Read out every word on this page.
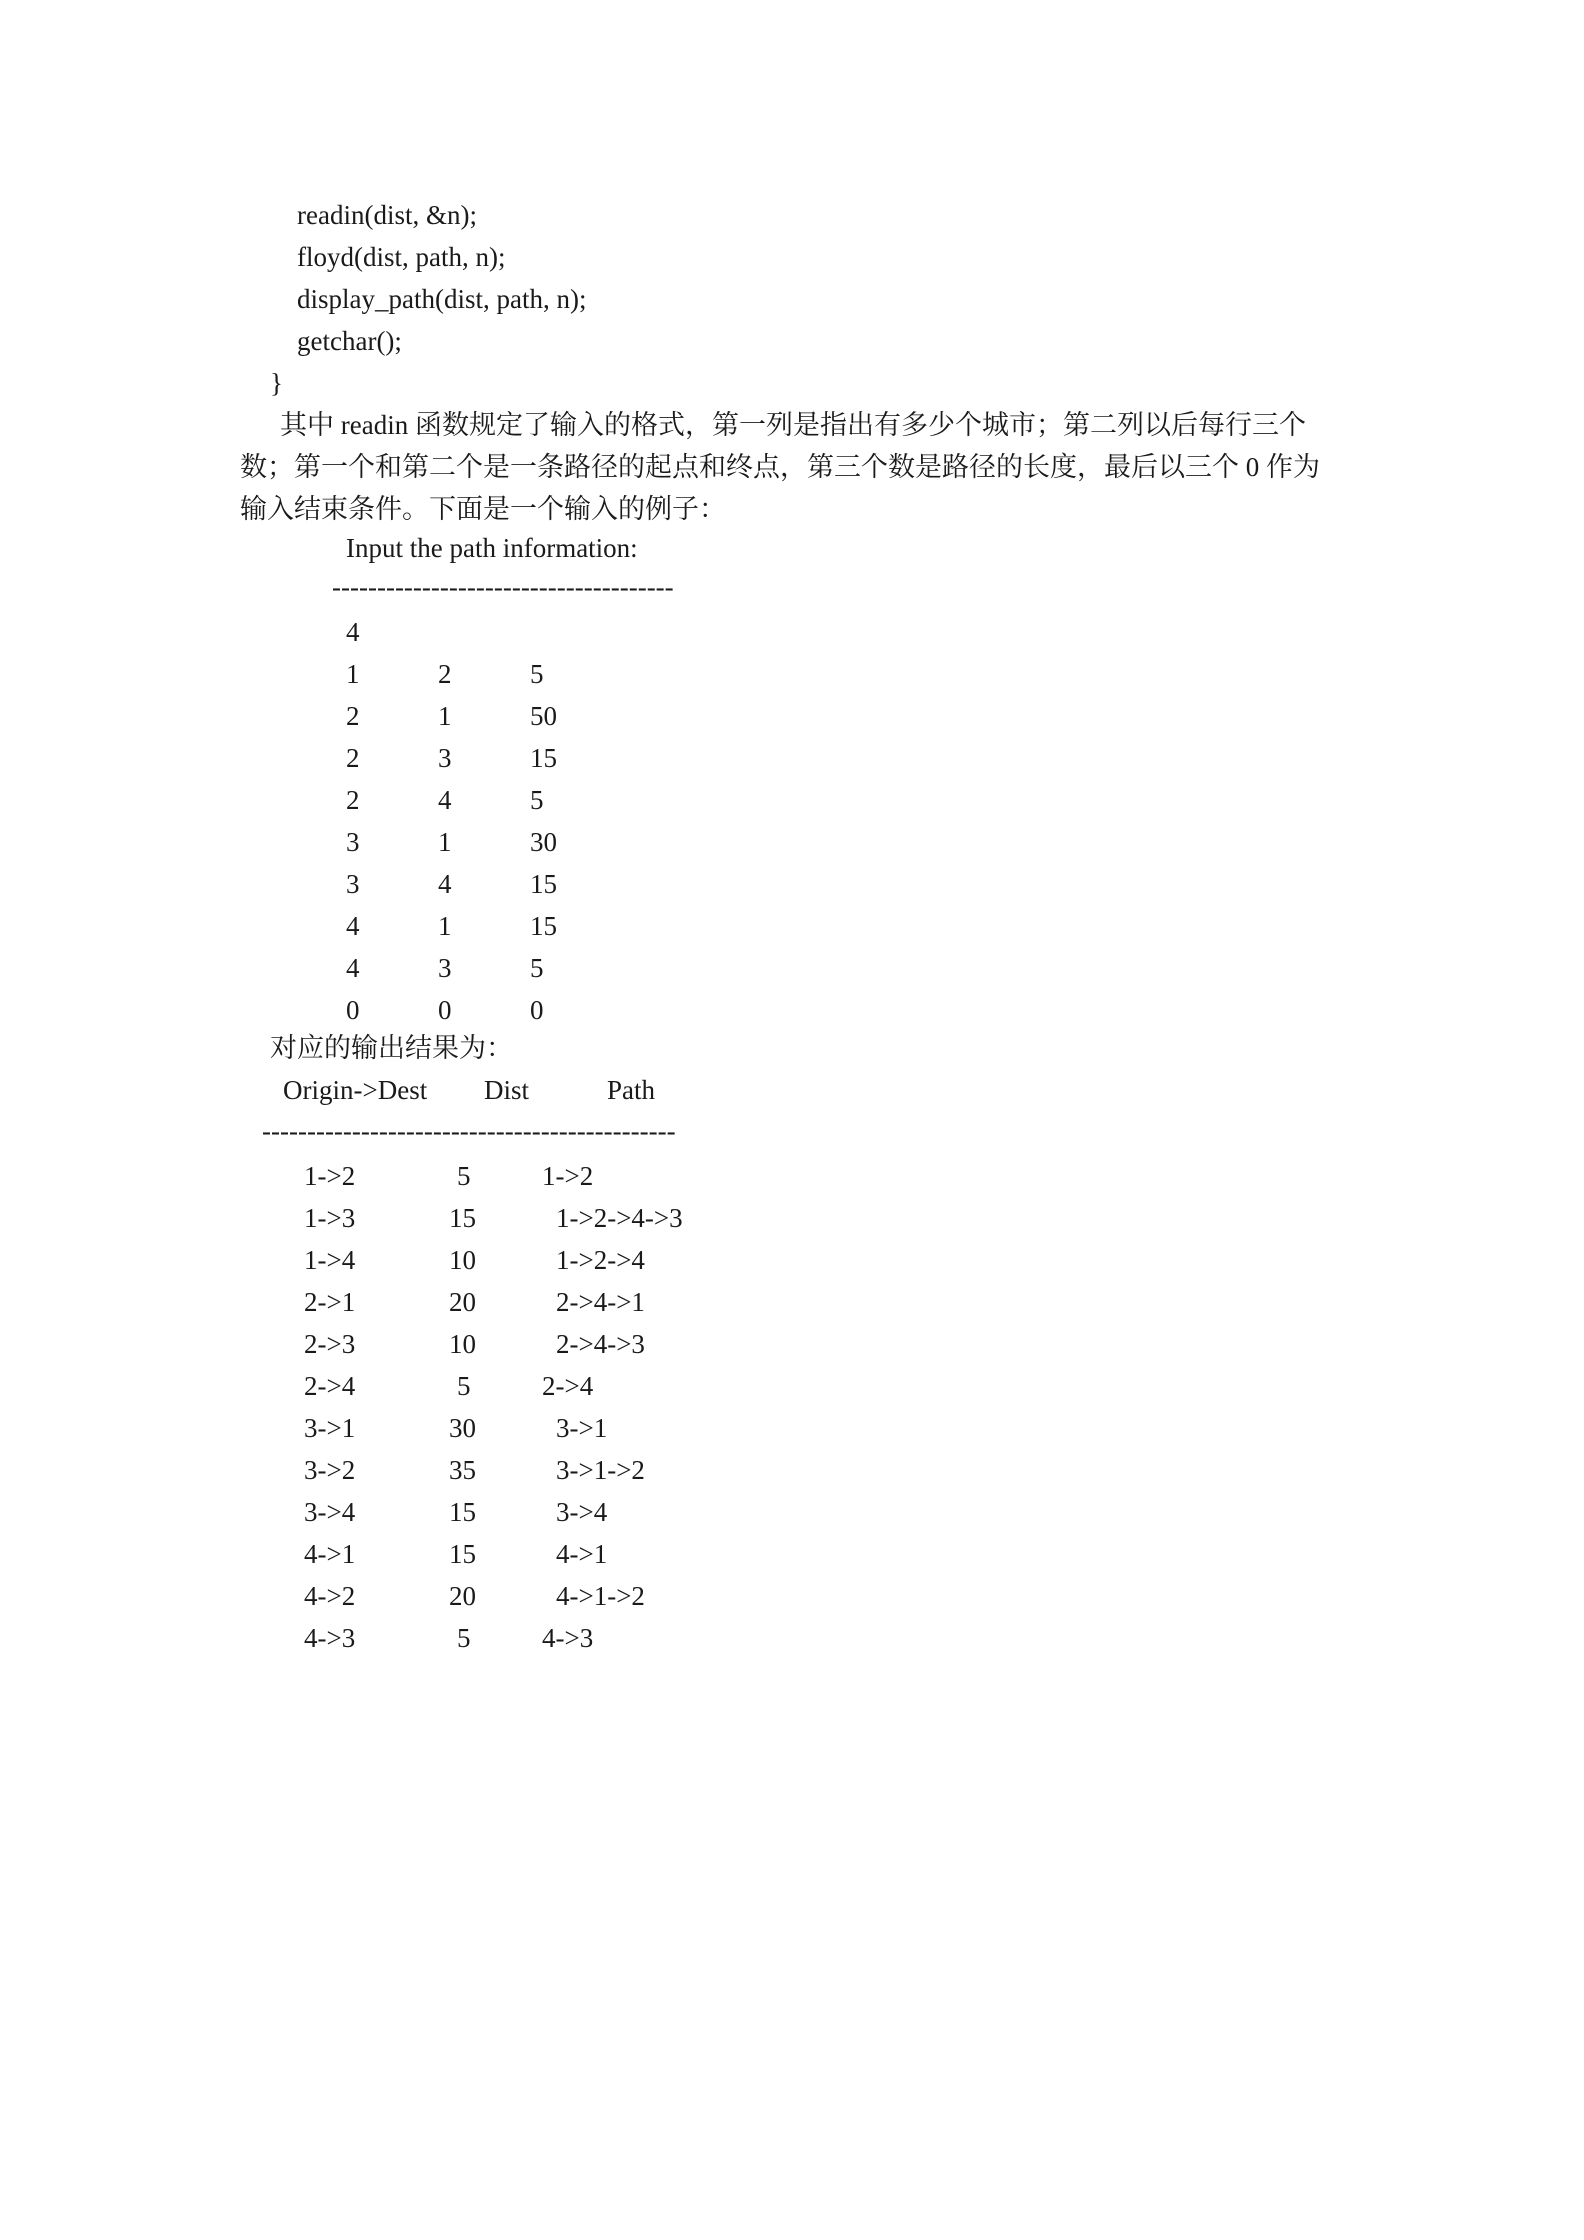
readin(dist, &n);
floyd(dist, path, n);
display_path(dist, path, n);
getchar();
}
其中 readin 函数规定了输入的格式，第一列是指出有多少个城市；第二列以后每行三个
数；第一个和第二个是一条路径的起点和终点，第三个数是路径的长度，最后以三个 0 作为
输入结束条件。下面是一个输入的例子：
Input the path information:
--------------------------------------
4
1	2	5
2	1	50
2	3	15
2	4	5
3	1	30
3	4	15
4	1	15
4	3	5
0	0	0
对应的输出结果为：
Origin->Dest Dist	Path
----------------------------------------------
1->2	5	1->2
1->3	15	1->2->4->3
1->4	10	1->2->4
2->1	20	2->4->1
2->3	10	2->4->3
2->4	5	2->4
3->1	30	3->1
3->2	35	3->1->2
3->4	15	3->4
4->1	15	4->1
4->2	20	4->1->2
4->3	5	4->3
